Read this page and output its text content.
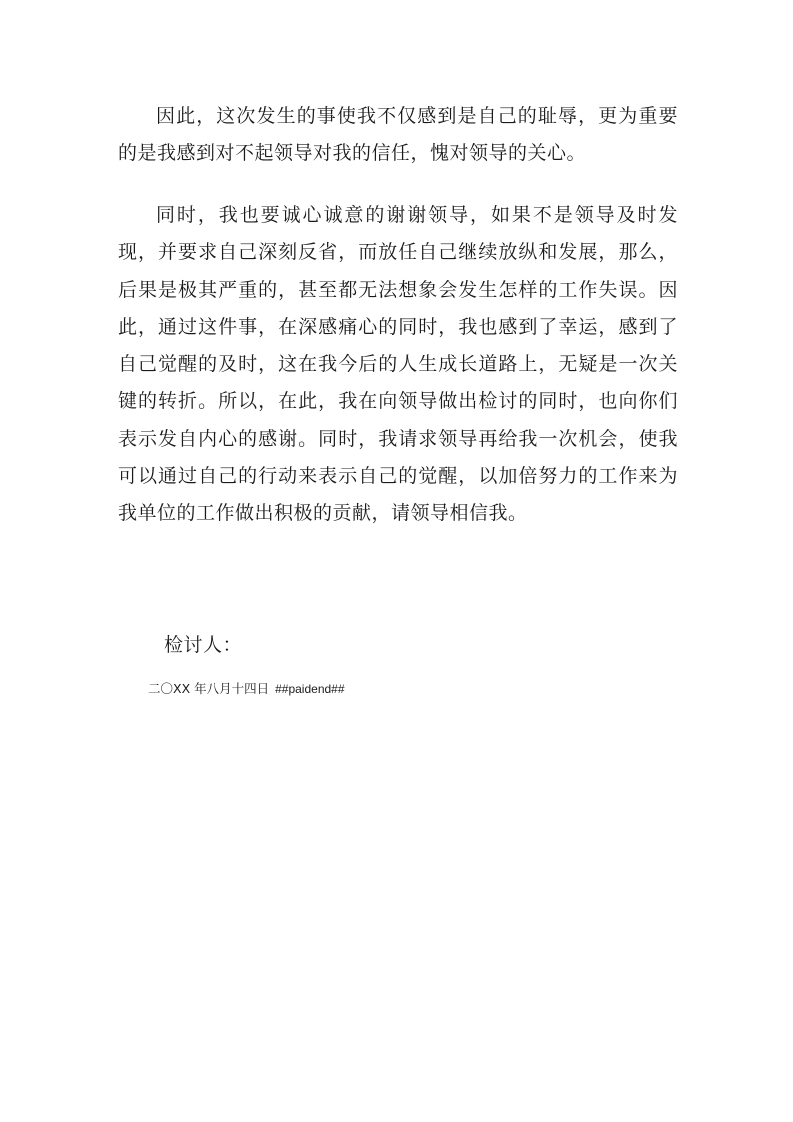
因此，这次发生的事使我不仅感到是自己的耻辱，更为重要的是我感到对不起领导对我的信任，愧对领导的关心。

同时，我也要诚心诚意的谢谢领导，如果不是领导及时发现，并要求自己深刻反省，而放任自己继续放纵和发展，那么，后果是极其严重的，甚至都无法想象会发生怎样的工作失误。因此，通过这件事，在深感痛心的同时，我也感到了幸运，感到了自己觉醒的及时，这在我今后的人生成长道路上，无疑是一次关键的转折。所以，在此，我在向领导做出检讨的同时，也向你们表示发自内心的感谢。同时，我请求领导再给我一次机会，使我可以通过自己的行动来表示自己的觉醒，以加倍努力的工作来为我单位的工作做出积极的贡献，请领导相信我。

检讨人：

二〇XX 年八月十四日 ##paidend##
